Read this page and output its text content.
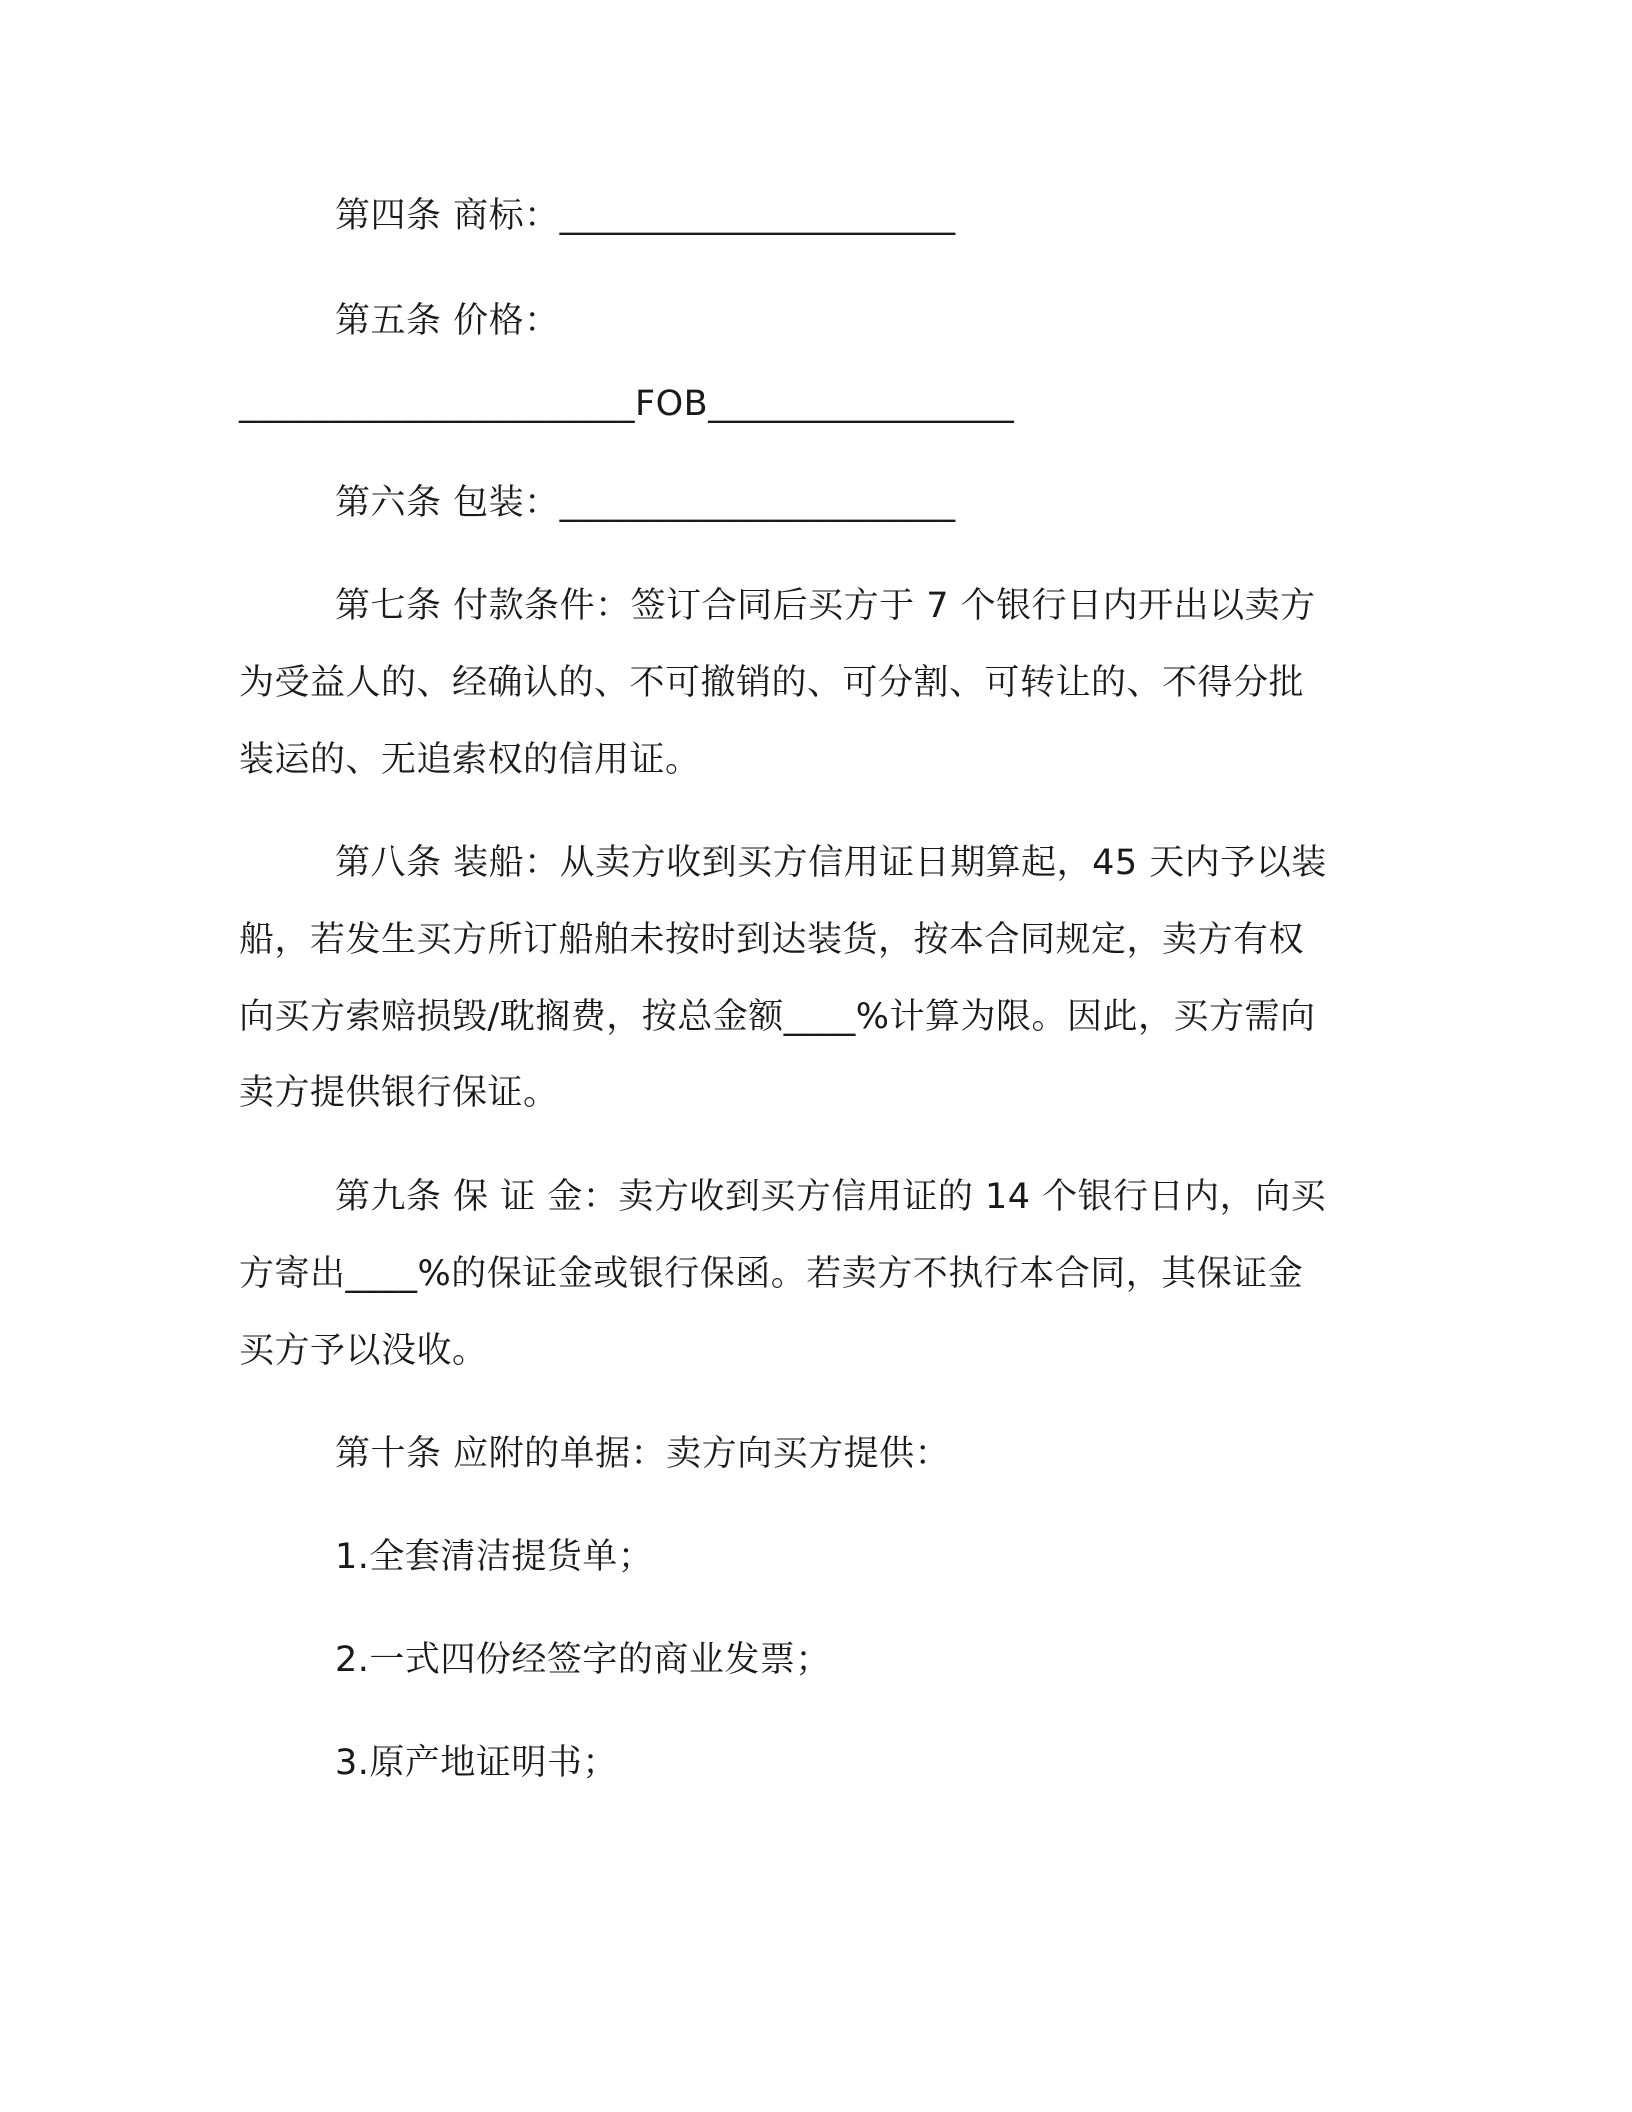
第四条 商标：______________________
第五条 价格：
______________________FOB_________________
第六条 包装：______________________
第七条 付款条件：签订合同后买方于 7 个银行日内开出以卖方
为受益人的、经确认的、不可撤销的、可分割、可转让的、不得分批
装运的、无追索权的信用证。
第八条 装船：从卖方收到买方信用证日期算起，45 天内予以装
船，若发生买方所订船舶未按时到达装货，按本合同规定，卖方有权
向买方索赔损毁/耽搁费，按总金额____%计算为限。因此，买方需向
卖方提供银行保证。
第九条 保 证 金：卖方收到买方信用证的 14 个银行日内，向买
方寄出____%的保证金或银行保函。若卖方不执行本合同，其保证金
买方予以没收。
第十条 应附的单据：卖方向买方提供：
1.全套清洁提货单；
2.一式四份经签字的商业发票；
3.原产地证明书；
